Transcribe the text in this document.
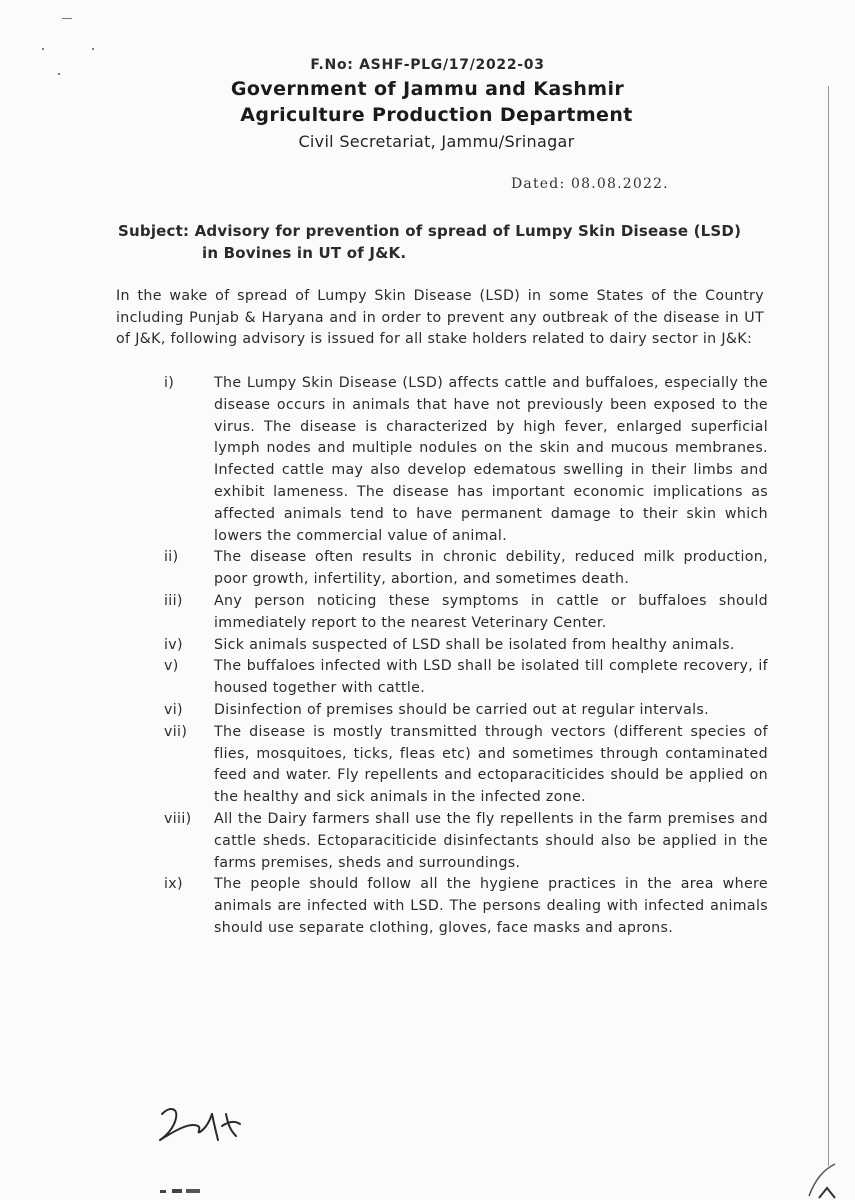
F.No: ASHF-PLG/17/2022-03
Government of Jammu and Kashmir
Agriculture Production Department
Civil Secretariat, Jammu/Srinagar
Dated: 08.08.2022.
Subject: Advisory for prevention of spread of Lumpy Skin Disease (LSD)
in Bovines in UT of J&K.
In the wake of spread of Lumpy Skin Disease (LSD) in some States of the Country including Punjab & Haryana and in order to prevent any outbreak of the disease in UT of J&K, following advisory is issued for all stake holders related to dairy sector in J&K:
i)	The Lumpy Skin Disease (LSD) affects cattle and buffaloes, especially the disease occurs in animals that have not previously been exposed to the virus. The disease is characterized by high fever, enlarged superficial lymph nodes and multiple nodules on the skin and mucous membranes. Infected cattle may also develop edematous swelling in their limbs and exhibit lameness. The disease has important economic implications as affected animals tend to have permanent damage to their skin which lowers the commercial value of animal.
ii)	The disease often results in chronic debility, reduced milk production, poor growth, infertility, abortion, and sometimes death.
iii)	Any person noticing these symptoms in cattle or buffaloes should immediately report to the nearest Veterinary Center.
iv)	Sick animals suspected of LSD shall be isolated from healthy animals.
v)	The buffaloes infected with LSD shall be isolated till complete recovery, if housed together with cattle.
vi)	Disinfection of premises should be carried out at regular intervals.
vii)	The disease is mostly transmitted through vectors (different species of flies, mosquitoes, ticks, fleas etc) and sometimes through contaminated feed and water. Fly repellents and ectoparaciticides should be applied on the healthy and sick animals in the infected zone.
viii)	All the Dairy farmers shall use the fly repellents in the farm premises and cattle sheds. Ectoparaciticide disinfectants should also be applied in the farms premises, sheds and surroundings.
ix)	The people should follow all the hygiene practices in the area where animals are infected with LSD. The persons dealing with infected animals should use separate clothing, gloves, face masks and aprons.
